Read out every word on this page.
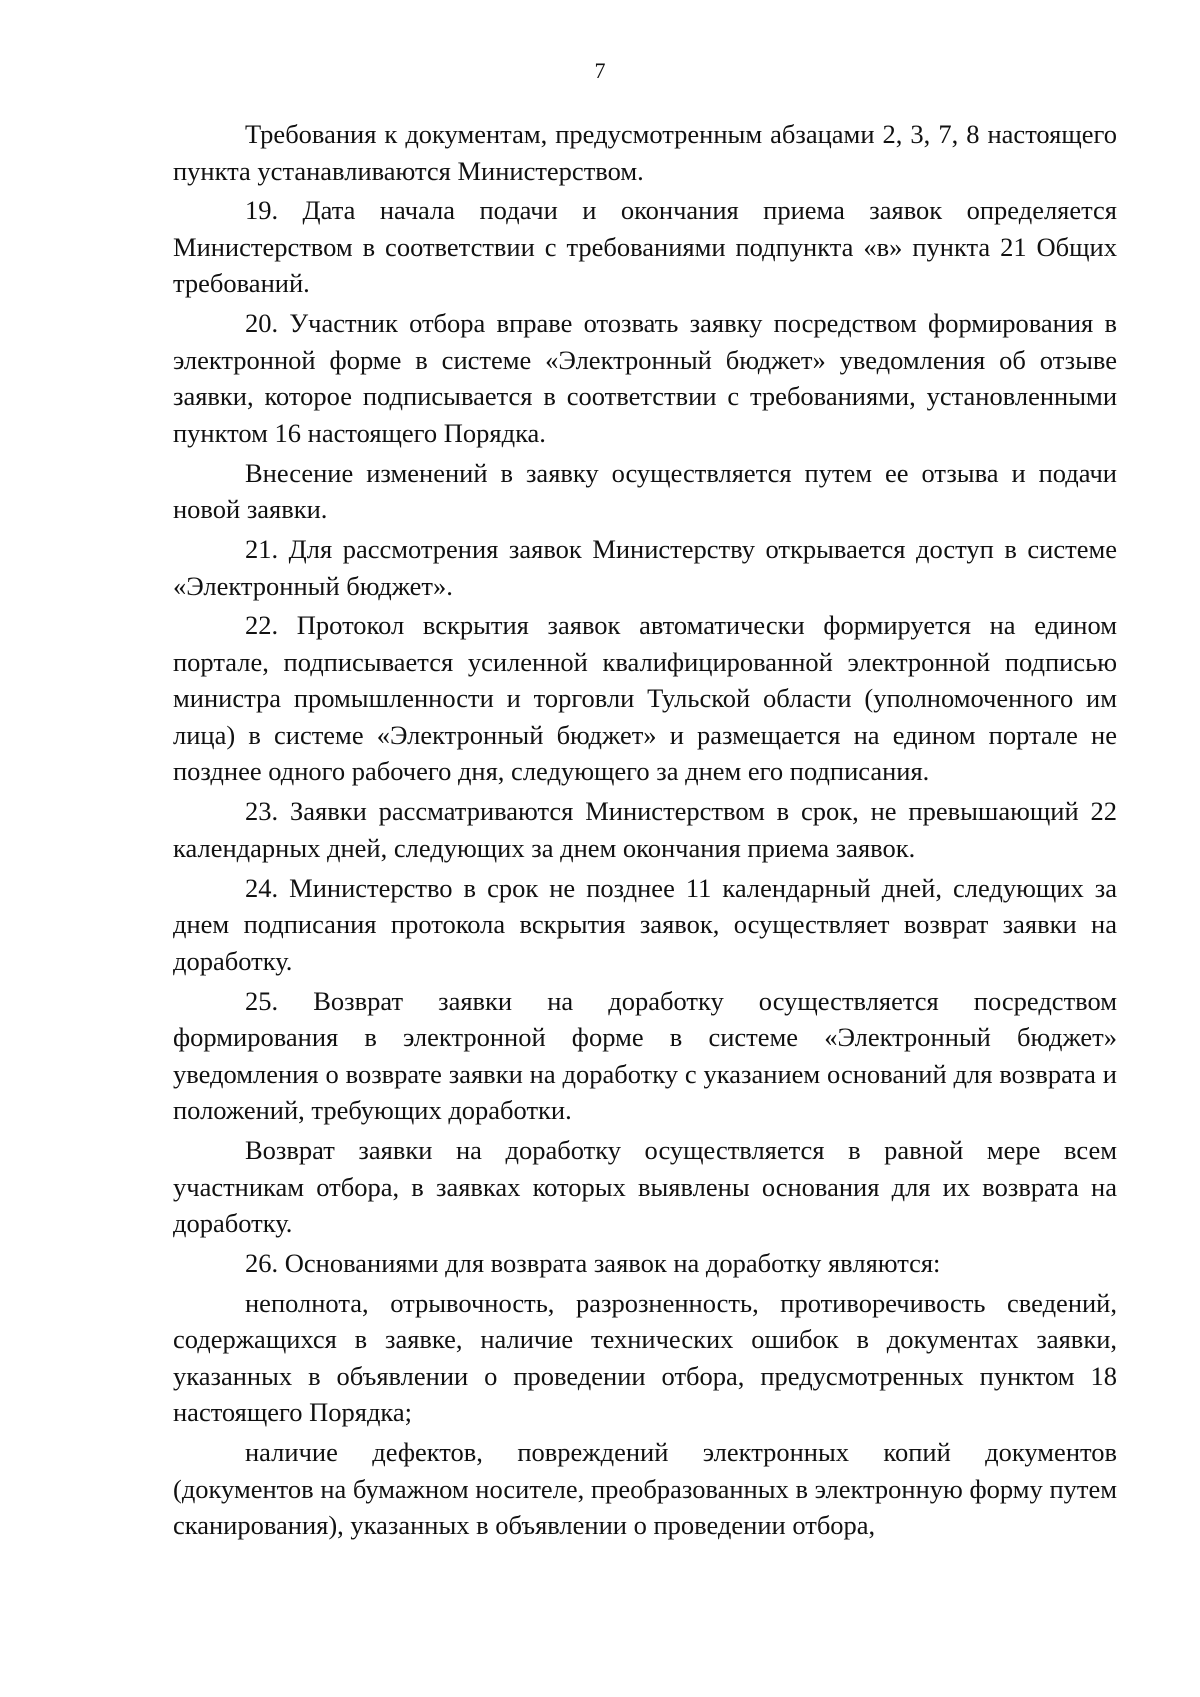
7

Требования к документам, предусмотренным абзацами 2, 3, 7, 8 настоящего пункта устанавливаются Министерством.

19. Дата начала подачи и окончания приема заявок определяется Министерством в соответствии с требованиями подпункта «в» пункта 21 Общих требований.

20. Участник отбора вправе отозвать заявку посредством формирования в электронной форме в системе «Электронный бюджет» уведомления об отзыве заявки, которое подписывается в соответствии с требованиями, установленными пунктом 16 настоящего Порядка.

Внесение изменений в заявку осуществляется путем ее отзыва и подачи новой заявки.

21. Для рассмотрения заявок Министерству открывается доступ в системе «Электронный бюджет».

22. Протокол вскрытия заявок автоматически формируется на едином портале, подписывается усиленной квалифицированной электронной подписью министра промышленности и торговли Тульской области (уполномоченного им лица) в системе «Электронный бюджет» и размещается на едином портале не позднее одного рабочего дня, следующего за днем его подписания.

23. Заявки рассматриваются Министерством в срок, не превышающий 22 календарных дней, следующих за днем окончания приема заявок.

24. Министерство в срок не позднее 11 календарный дней, следующих за днем подписания протокола вскрытия заявок, осуществляет возврат заявки на доработку.

25. Возврат заявки на доработку осуществляется посредством формирования в электронной форме в системе «Электронный бюджет» уведомления о возврате заявки на доработку с указанием оснований для возврата и положений, требующих доработки.

Возврат заявки на доработку осуществляется в равной мере всем участникам отбора, в заявках которых выявлены основания для их возврата на доработку.

26. Основаниями для возврата заявок на доработку являются:

неполнота, отрывочность, разрозненность, противоречивость сведений, содержащихся в заявке, наличие технических ошибок в документах заявки, указанных в объявлении о проведении отбора, предусмотренных пунктом 18 настоящего Порядка;

наличие дефектов, повреждений электронных копий документов (документов на бумажном носителе, преобразованных в электронную форму путем сканирования), указанных в объявлении о проведении отбора,
